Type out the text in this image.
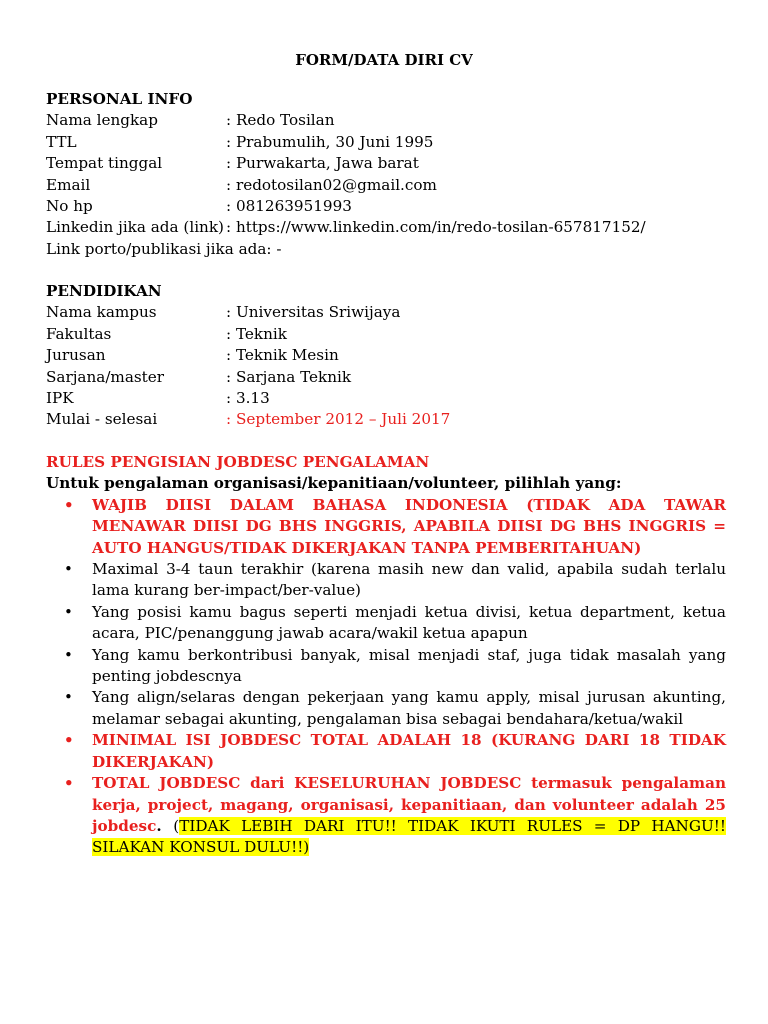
FORM/DATA DIRI CV
PERSONAL INFO
Nama lengkap	: Redo Tosilan
TTL	: Prabumulih, 30 Juni 1995
Tempat tinggal	: Purwakarta, Jawa barat
Email	: redotosilan02@gmail.com
No hp	: 081263951993
Linkedin jika ada (link) : https://www.linkedin.com/in/redo-tosilan-657817152/
Link porto/publikasi jika ada: -
PENDIDIKAN
Nama kampus	: Universitas Sriwijaya
Fakultas	: Teknik
Jurusan	: Teknik Mesin
Sarjana/master	: Sarjana Teknik
IPK	: 3.13
Mulai - selesai	: September 2012 – Juli 2017
RULES PENGISIAN JOBDESC PENGALAMAN
Untuk pengalaman organisasi/kepanitiaan/volunteer, pilihlah yang:
• WAJIB DIISI DALAM BAHASA INDONESIA (TIDAK ADA TAWAR MENAWAR DIISI DG BHS INGGRIS, APABILA DIISI DG BHS INGGRIS = AUTO HANGUS/TIDAK DIKERJAKAN TANPA PEMBERITAHUAN)
• Maximal 3-4 taun terakhir (karena masih new dan valid, apabila sudah terlalu lama kurang ber-impact/ber-value)
• Yang posisi kamu bagus seperti menjadi ketua divisi, ketua department, ketua acara, PIC/penanggung jawab acara/wakil ketua apapun
• Yang kamu berkontribusi banyak, misal menjadi staf, juga tidak masalah yang penting jobdescnya
• Yang align/selaras dengan pekerjaan yang kamu apply, misal jurusan akunting, melamar sebagai akunting, pengalaman bisa sebagai bendahara/ketua/wakil
• MINIMAL ISI JOBDESC TOTAL ADALAH 18 (KURANG DARI 18 TIDAK DIKERJAKAN)
• TOTAL JOBDESC dari KESELURUHAN JOBDESC termasuk pengalaman kerja, project, magang, organisasi, kepanitiaan, dan volunteer adalah 25 jobdesc. (TIDAK LEBIH DARI ITU!! TIDAK IKUTI RULES = DP HANGU!! SILAKAN KONSUL DULU!!)
